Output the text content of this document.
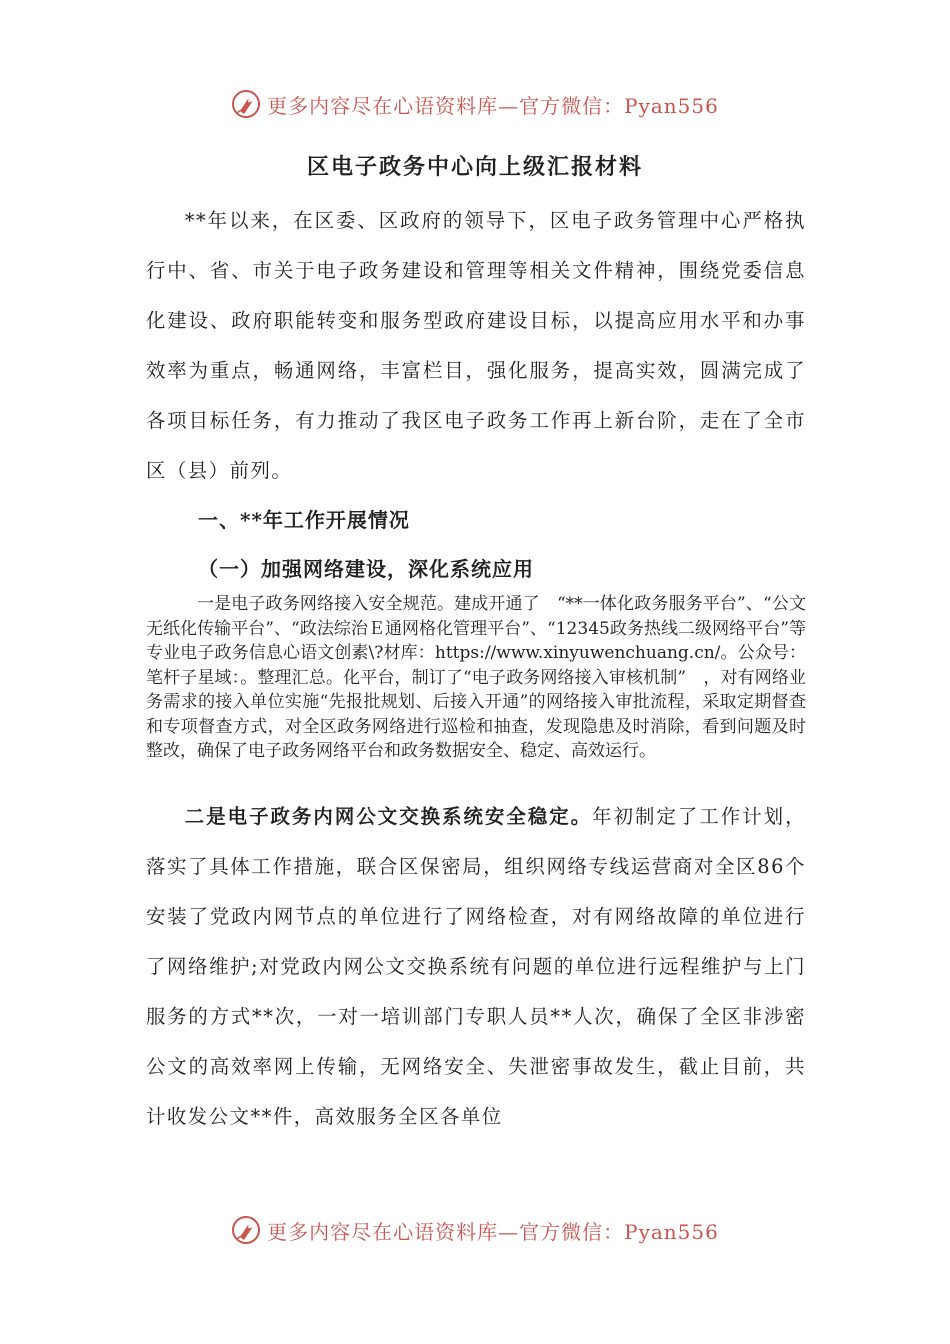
更多内容尽在心语资料库—官方微信：Pyan556
区电子政务中心向上级汇报材料

**年以来，在区委、区政府的领导下，区电子政务管理中心严格执行中、省、市关于电子政务建设和管理等相关文件精神，围绕党委信息化建设、政府职能转变和服务型政府建设目标，以提高应用水平和办事效率为重点，畅通网络，丰富栏目，强化服务，提高实效，圆满完成了各项目标任务，有力推动了我区电子政务工作再上新台阶，走在了全市区（县）前列。

一、**年工作开展情况
（一）加强网络建设，深化系统应用

一是电子政务网络接入安全规范。建成开通了　“**一体化政务服务平台”、“公文无纸化传输平台”、“政法综治Ｅ通网格化管理平台”、“12345政务热线二级网络平台”等专业电子政务信息心语文创素\?材库：https://www.xinyuwenchuang.cn/。公众号：笔杆子星域：。整理汇总。化平台，制订了“电子政务网络接入审核机制”　，对有网络业务需求的接入单位实施“先报批规划、后接入开通”的网络接入审批流程，采取定期督查和专项督查方式，对全区政务网络进行巡检和抽查，发现隐患及时消除，看到问题及时整改，确保了电子政务网络平台和政务数据安全、稳定、高效运行。

二是电子政务内网公文交换系统安全稳定。年初制定了工作计划，落实了具体工作措施，联合区保密局，组织网络专线运营商对全区86个安装了党政内网节点的单位进行了网络检查，对有网络故障的单位进行了网络维护;对党政内网公文交换系统有问题的单位进行远程维护与上门服务的方式**次，一对一培训部门专职人员**人次，确保了全区非涉密公文的高效率网上传输，无网络安全、失泄密事故发生，截止目前，共计收发公文**件，高效服务全区各单位

更多内容尽在心语资料库—官方微信：Pyan556
